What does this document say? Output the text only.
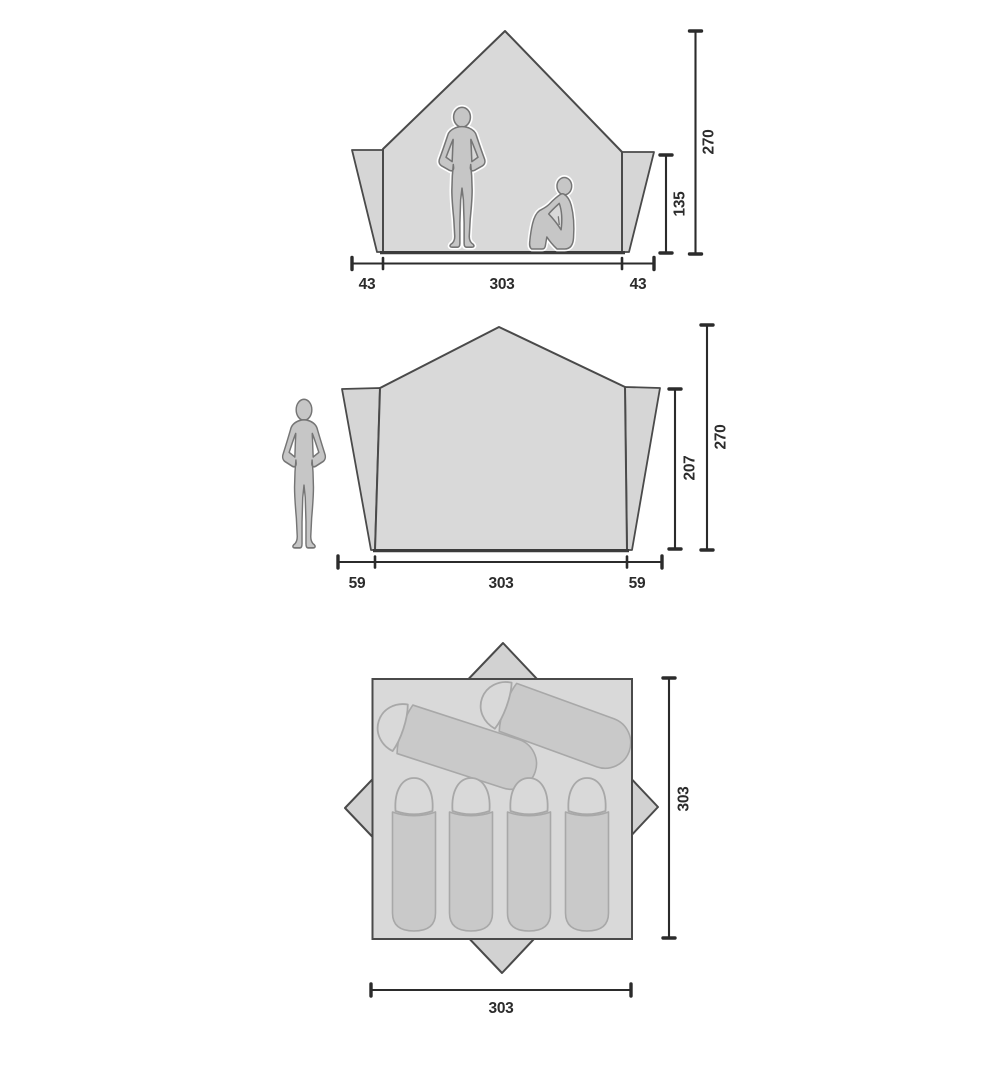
43	303	43
135
270
59	303	59
207
270
303
303
